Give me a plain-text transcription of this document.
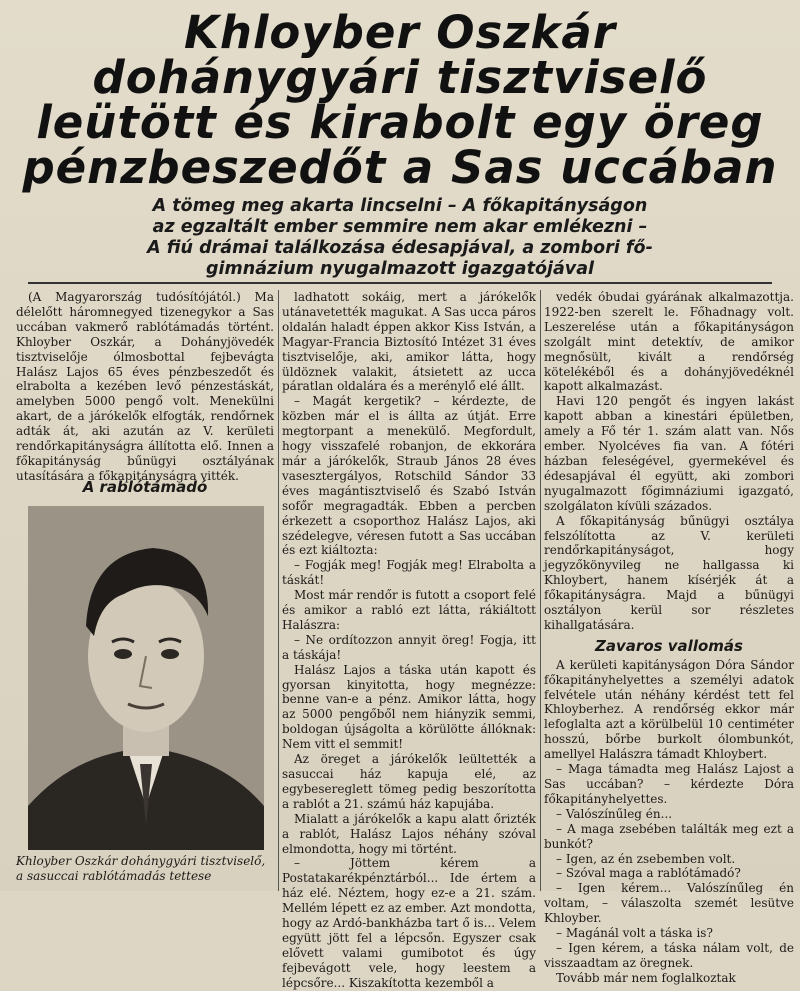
Khloyber Oszkár
dohánygyári tisztviselő
leütött és kirabolt egy öreg
pénzbeszedőt a Sas uccában
A tömeg meg akarta lincselni – A főkapitányságon
az egzaltált ember semmire nem akar emlékezni –
A fiú drámai találkozása édesapjával, a zombori fő-
gimnázium nyugalmazott igazgatójával

(A Magyarország tudósítójától.) Ma délelőtt háromnegyed tizenegykor a Sas uccában vakmerő rablótámadás történt. Khloyber Oszkár, a Dohányjövedék tisztviselője ólmosbottal fejbevágta Halász Lajos 65 éves pénzbeszedőt és elrabolta a kezében levő pénzestáskát, amelyben 5000 pengő volt. Menekülni akart, de a járókelők elfogták, rendőrnek adták át, aki azután az V. kerületi rendőrkapitányságra állította elő. Innen a főkapitányság bűnügyi osztályának utasítására a főkapitányságra vitték.

A rablótámadó
Khloyber Oszkár dohánygyári tisztviselő, a sasuccai rablótámadás tettese

ladhatott sokáig, mert a járókelők utánavetették magukat. A Sas ucca páros oldalán haladt éppen akkor Kiss István, a Magyar-Francia Biztosító Intézet 31 éves tisztviselője, aki, amikor látta, hogy üldöznek valakit, átsietett az ucca páratlan oldalára és a merénylő elé állt.

– Magát kergetik? – kérdezte, de közben már el is állta az útját. Erre megtorpant a menekülő. Megfordult, hogy visszafelé robanjon, de ekkorára már a járókelők, Straub János 28 éves vasesztergályos, Rotschild Sándor 33 éves magántisztviselő és Szabó István sofőr megragadták. Ebben a percben érkezett a csoporthoz Halász Lajos, aki szédelegve, véresen futott a Sas uccában és ezt kiáltozta:

– Fogják meg! Fogják meg! Elrabolta a táskát!

Most már rendőr is futott a csoport felé és amikor a rabló ezt látta, rákiáltott Halászra:

– Ne ordítozzon annyit öreg! Fogja, itt a táskája!

Halász Lajos a táska után kapott és gyorsan kinyitotta, hogy megnézze: benne van-e a pénz. Amikor látta, hogy az 5000 pengőből nem hiányzik semmi, boldogan újságolta a körülötte állóknak: Nem vitt el semmit!

Az öreget a járókelők leültették a sasuccai ház kapuja elé, az egybesereglett tömeg pedig beszorította a rablót a 21. számú ház kapujába.

Mialatt a járókelők a kapu alatt őrizték a rablót, Halász Lajos néhány szóval elmondotta, hogy mi történt.

– Jöttem kérem a Postatakarékpénztárból... Ide értem a ház elé. Néztem, hogy ez-e a 21. szám. Mellém lépett ez az ember. Azt mondotta, hogy az Ardó-bankházba tart ő is... Velem együtt jött fel a lépcsőn. Egyszer csak elővett valami gumibotot és úgy fejbevágott vele, hogy leestem a lépcsőre... Kiszakította kezemből a

vedék óbudai gyárának alkalmazottja. 1922-ben szerelt le. Főhadnagy volt. Leszerelése után a főkapitányságon szolgált mint detektív, de amikor megnősült, kivált a rendőrség kötelékéből és a dohányjövedéknél kapott alkalmazást.

Havi 120 pengőt és ingyen lakást kapott abban a kinestári épületben, amely a Fő tér 1. szám alatt van. Nős ember. Nyolcéves fia van. A fótéri házban feleségével, gyermekével és édesapjával él együtt, aki zombori nyugalmazott főgimnáziumi igazgató, szolgálaton kívüli százados.

A főkapitányság bűnügyi osztálya felszólította az V. kerületi rendőrkapitányságot, hogy jegyzőkönyvileg ne hallgassa ki Khloybert, hanem kísérjék át a főkapitányságra. Majd a bűnügyi osztályon kerül sor részletes kihallgatására.

Zavaros vallomás

A kerületi kapitányságon Dóra Sándor főkapitányhelyettes a személyi adatok felvétele után néhány kérdést tett fel Khloyberhez. A rendőrség ekkor már lefoglalta azt a körülbelül 10 centiméter hosszú, bőrbe burkolt ólombunkót, amellyel Halászra támadt Khloybert.

– Maga támadta meg Halász Lajost a Sas uccában? – kérdezte Dóra főkapitányhelyettes.

– Valószínűleg én...

– A maga zsebében találták meg ezt a bunkót?

– Igen, az én zsebemben volt.

– Szóval maga a rablótámadó?

– Igen kérem... Valószínűleg én voltam, – válaszolta szemét lesütve Khloyber.

– Magánál volt a táska is?

– Igen kérem, a táska nálam volt, de visszaadtam az öregnek.

Tovább már nem foglalkoztak
